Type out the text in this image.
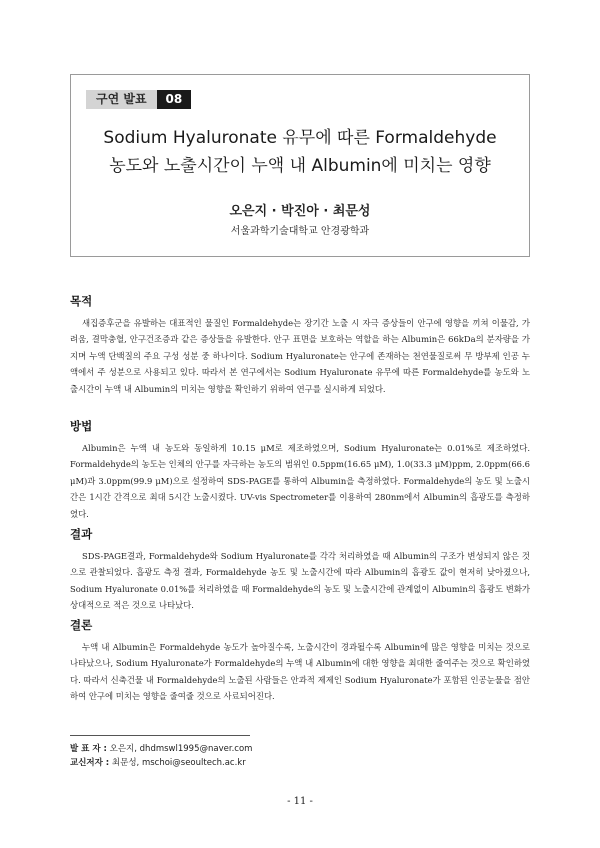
구연 발표	08
Sodium Hyaluronate 유무에 따른 Formaldehyde
농도와 노출시간이 누액 내 Albumin에 미치는 영향
오은지 · 박진아 · 최문성
서울과학기술대학교 안경광학과
목적

새집증후군을 유발하는 대표적인 물질인 Formaldehyde는 장기간 노출 시 자극 증상들이 안구에 영향을 끼쳐 이물감, 가려움, 결막충혈, 안구건조증과 같은 증상들을 유발한다. 안구 표면을 보호하는 역할을 하는 Albumin은 66kDa의 분자량을 가지며 누액 단백질의 주요 구성 성분 중 하나이다. Sodium Hyaluronate는 안구에 존재하는 천연물질로써 무 방부제 인공 누액에서 주 성분으로 사용되고 있다. 따라서 본 연구에서는 Sodium Hyaluronate 유무에 따른 Formaldehyde를 농도와 노출시간이 누액 내 Albumin의 미치는 영향을 확인하기 위하여 연구를 실시하게 되었다.

방법

Albumin은 누액 내 농도와 동일하게 10.15 μM로 제조하였으며, Sodium Hyaluronate는 0.01%로 제조하였다. Formaldehyde의 농도는 인체의 안구를 자극하는 농도의 범위인 0.5ppm(16.65 μM), 1.0(33.3 μM)ppm, 2.0ppm(66.6 μM)과 3.0ppm(99.9 μM)으로 설정하여 SDS-PAGE를 통하여 Albumin을 측정하였다. Formaldehyde의 농도 및 노출시간은 1시간 간격으로 최대 5시간 노출시켰다. UV-vis Spectrometer를 이용하여 280nm에서 Albumin의 흡광도를 측정하였다.

결과

SDS-PAGE결과, Formaldehyde와 Sodium Hyaluronate를 각각 처리하였을 때 Albumin의 구조가 변성되지 않은 것으로 관찰되었다. 흡광도 측정 결과, Formaldehyde 농도 및 노출시간에 따라 Albumin의 흡광도 값이 현저히 낮아졌으나, Sodium Hyaluronate 0.01%를 처리하였을 때 Formaldehyde의 농도 및 노출시간에 관계없이 Albumin의 흡광도 변화가 상대적으로 적은 것으로 나타났다.

결론

누액 내 Albumin은 Formaldehyde 농도가 높아질수록, 노출시간이 경과될수록 Albumin에 많은 영향을 미치는 것으로 나타났으나, Sodium Hyaluronate가 Formaldehyde의 누액 내 Albumin에 대한 영향을 최대한 줄여주는 것으로 확인하였다. 따라서 신축건물 내 Formaldehyde의 노출된 사람들은 안과적 제제인 Sodium Hyaluronate가 포함된 인공눈물을 점안하여 안구에 미치는 영향을 줄여줄 것으로 사료되어진다.

발 표 자 : 오은지, dhdmswl1995@naver.com
교신저자 : 최문성, mschoi@seoultech.ac.kr
- 11 -
